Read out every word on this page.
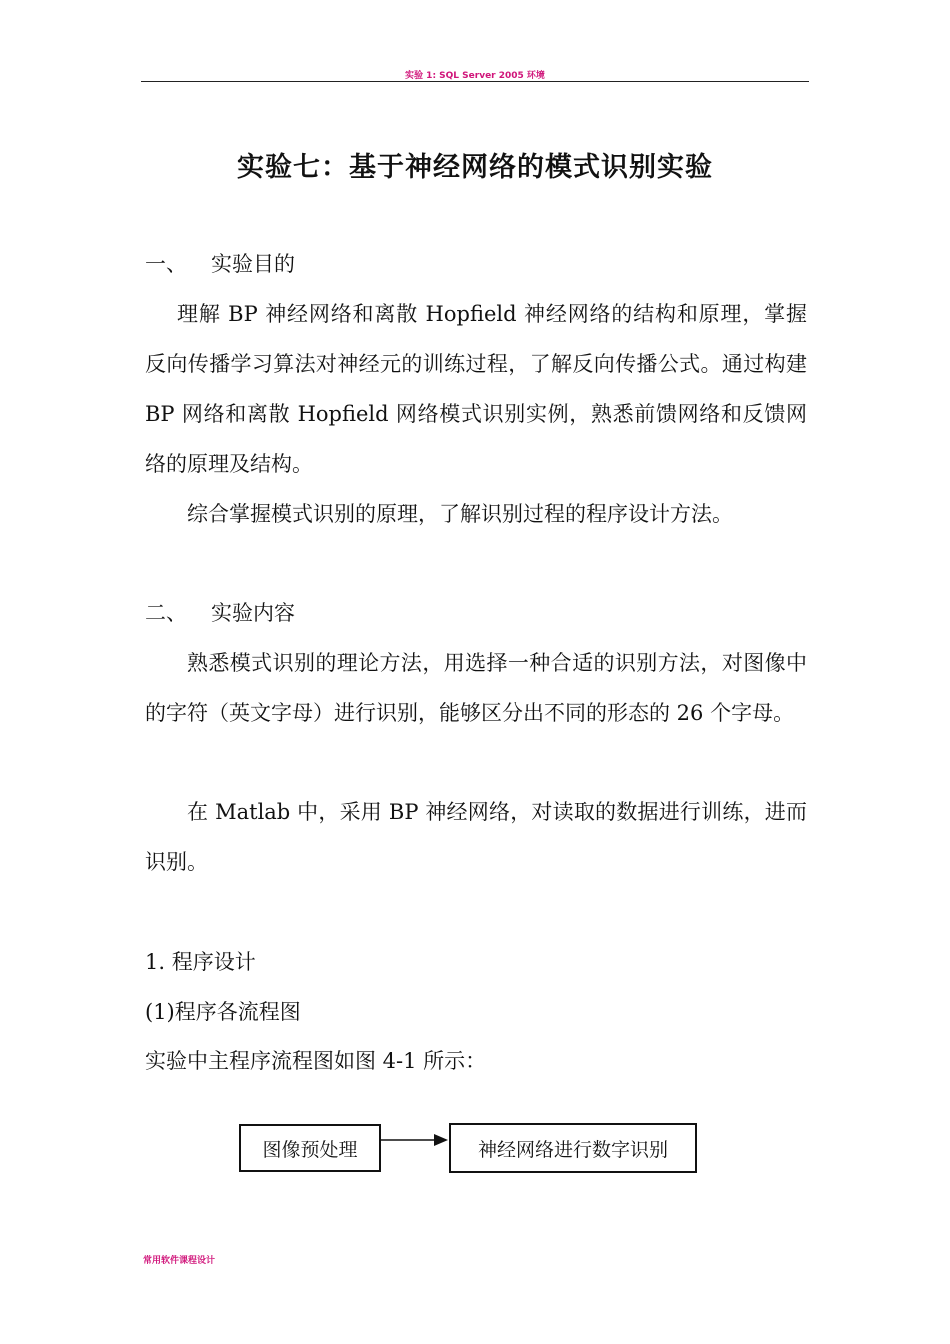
实验 1: SQL Server 2005 环境
实验七：基于神经网络的模式识别实验
一、 实验目的
理解 BP 神经网络和离散 Hopfield 神经网络的结构和原理，掌握反向传播学习算法对神经元的训练过程，了解反向传播公式。通过构建 BP 网络和离散 Hopfield 网络模式识别实例，熟悉前馈网络和反馈网络的原理及结构。
综合掌握模式识别的原理，了解识别过程的程序设计方法。
二、 实验内容
熟悉模式识别的理论方法，用选择一种合适的识别方法，对图像中的字符（英文字母）进行识别，能够区分出不同的形态的 26 个字母。
在 Matlab 中，采用 BP 神经网络，对读取的数据进行训练，进而识别。
1. 程序设计
(1)程序各流程图
实验中主程序流程图如图 4-1 所示：
图像预处理	神经网络进行数字识别
常用软件课程设计
